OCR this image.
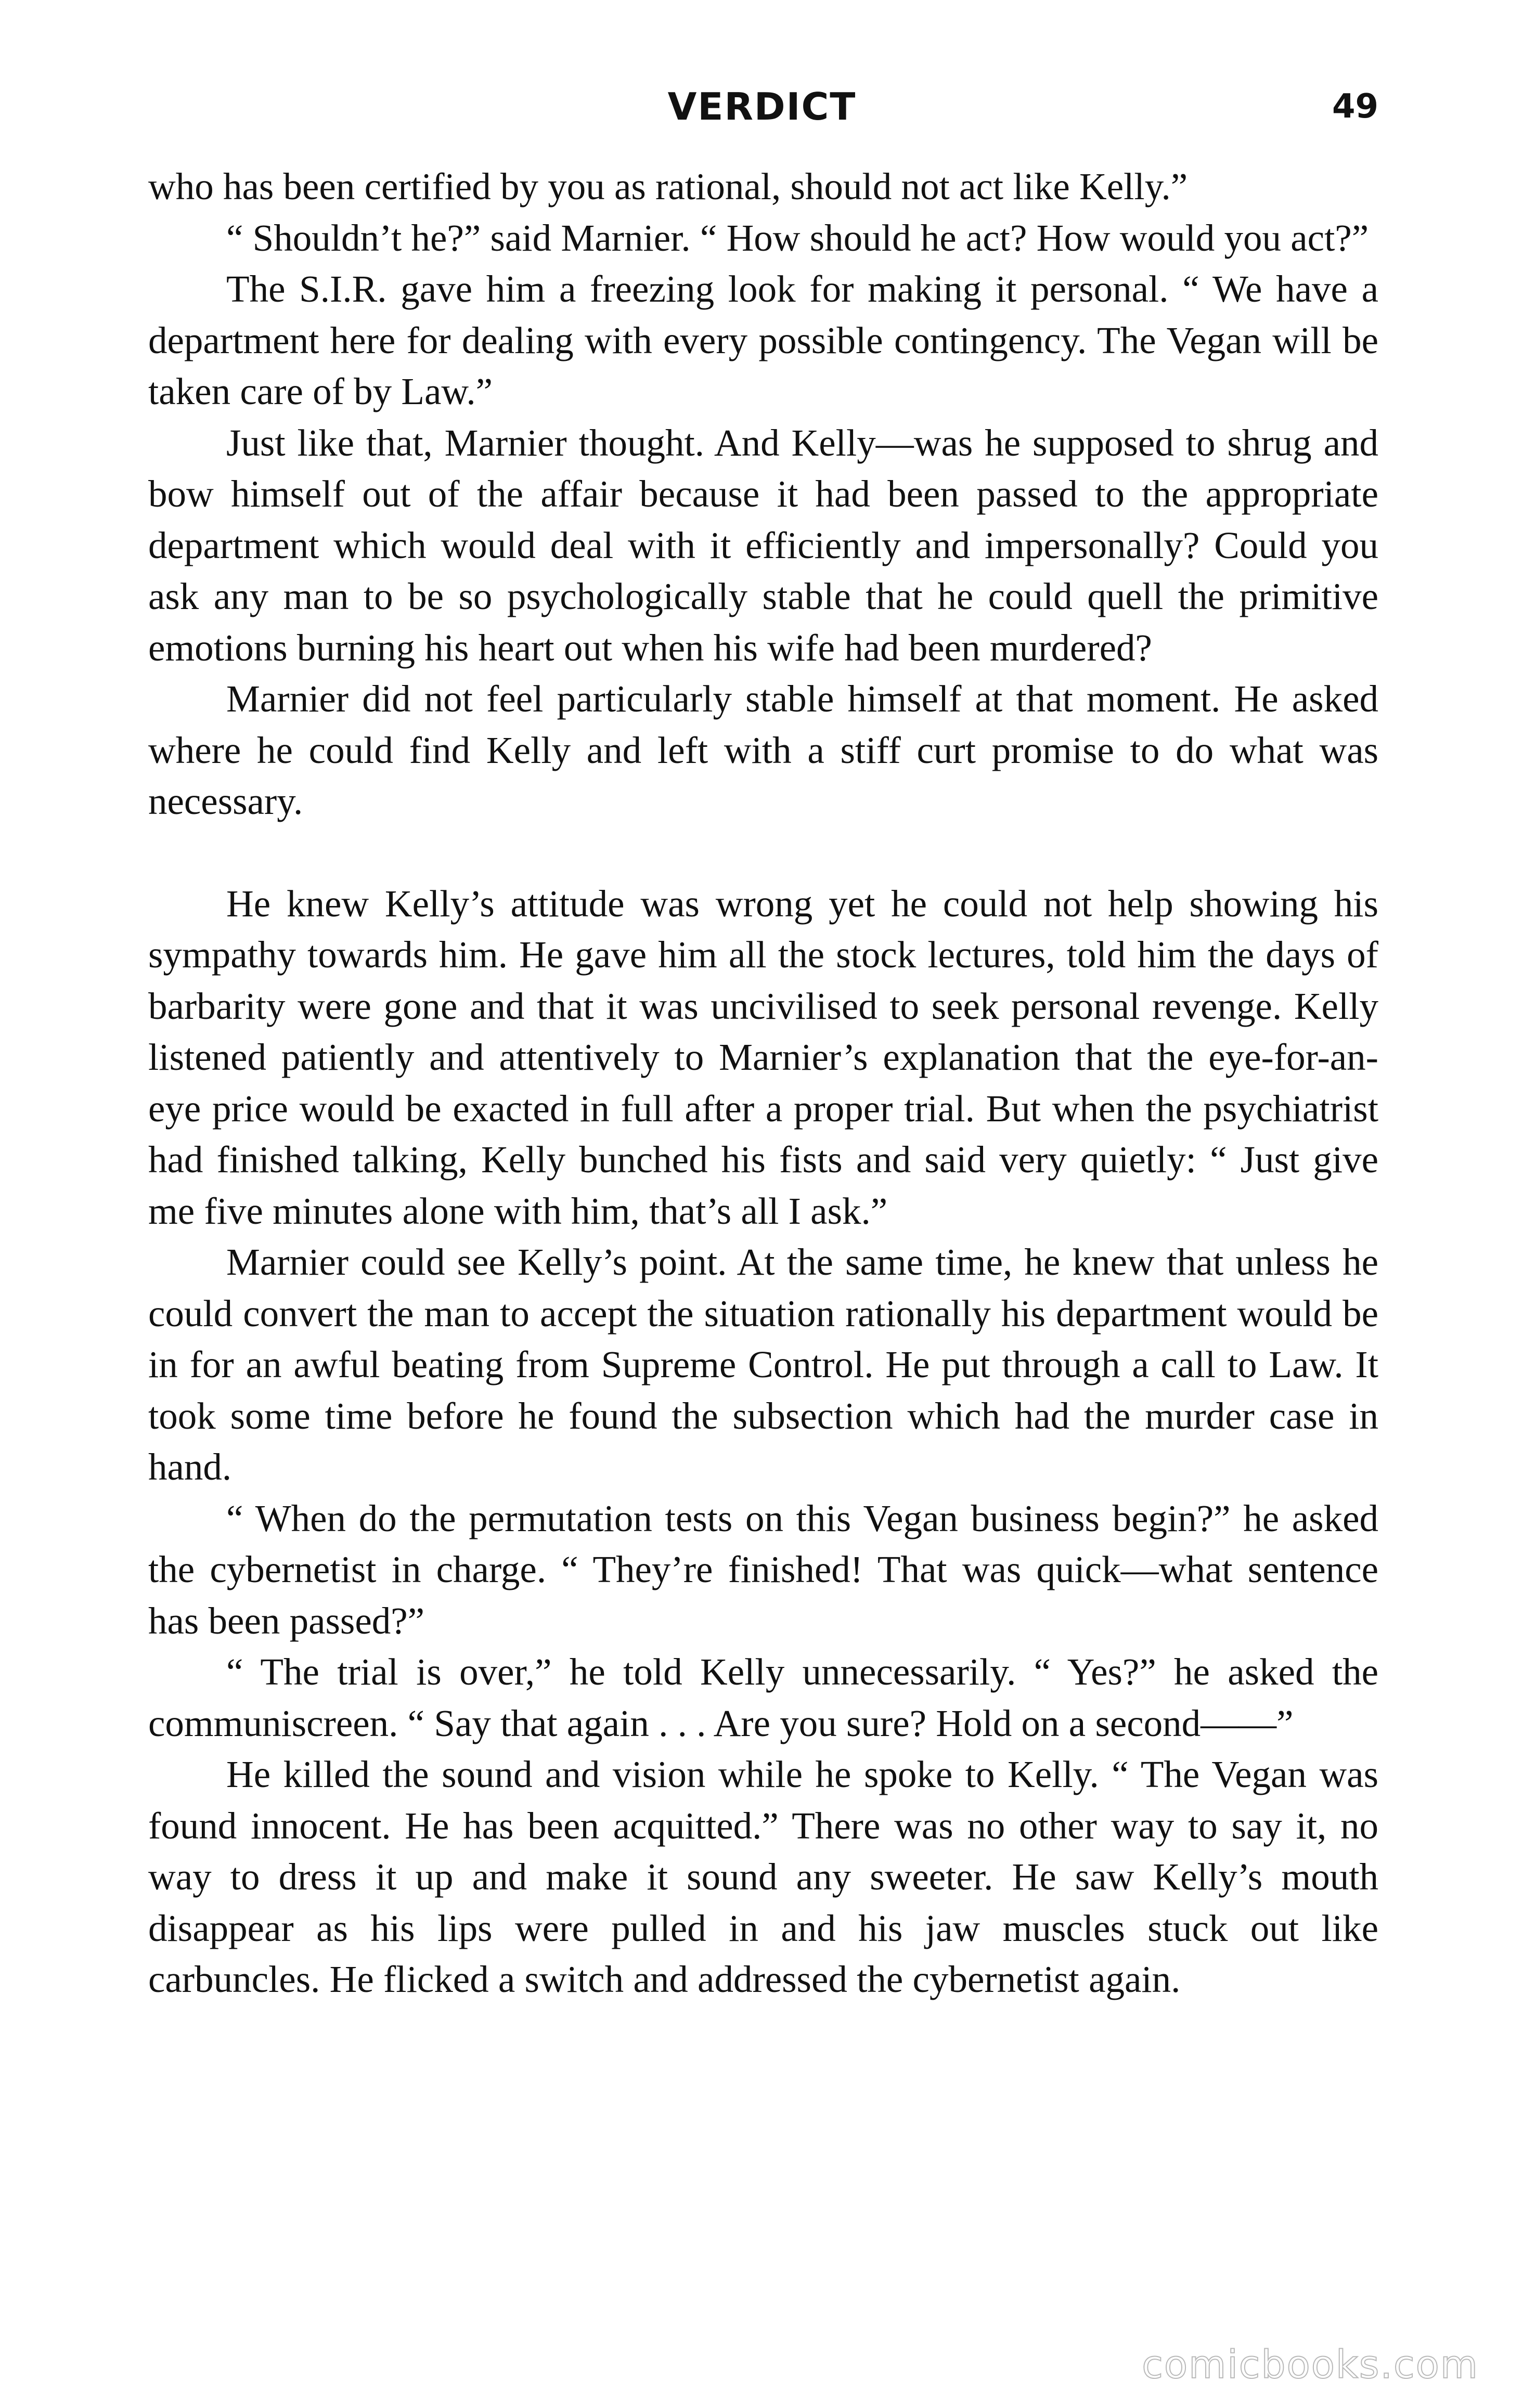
VERDICT	49

who has been certified by you as rational, should not act like Kelly.”

“ Shouldn’t he?” said Marnier. “ How should he act? How would you act?”

The S.I.R. gave him a freezing look for making it personal. “ We have a department here for dealing with every possible contingency. The Vegan will be taken care of by Law.”

Just like that, Marnier thought. And Kelly—was he supposed to shrug and bow himself out of the affair because it had been passed to the appropriate department which would deal with it efficiently and impersonally? Could you ask any man to be so psychologically stable that he could quell the primitive emotions burning his heart out when his wife had been murdered?

Marnier did not feel particularly stable himself at that moment. He asked where he could find Kelly and left with a stiff curt promise to do what was necessary.

He knew Kelly’s attitude was wrong yet he could not help showing his sympathy towards him. He gave him all the stock lectures, told him the days of barbarity were gone and that it was uncivilised to seek personal revenge. Kelly listened patiently and attentively to Marnier’s explanation that the eye-for-an-eye price would be exacted in full after a proper trial. But when the psychiatrist had finished talking, Kelly bunched his fists and said very quietly: “ Just give me five minutes alone with him, that’s all I ask.”

Marnier could see Kelly’s point. At the same time, he knew that unless he could convert the man to accept the situation rationally his department would be in for an awful beating from Supreme Control. He put through a call to Law. It took some time before he found the subsection which had the murder case in hand.

“ When do the permutation tests on this Vegan business begin?” he asked the cybernetist in charge. “ They’re finished! That was quick—what sentence has been passed?”

“ The trial is over,” he told Kelly unnecessarily. “ Yes?” he asked the communiscreen. “ Say that again . . . Are you sure? Hold on a second——”

He killed the sound and vision while he spoke to Kelly. “ The Vegan was found innocent. He has been acquitted.” There was no other way to say it, no way to dress it up and make it sound any sweeter. He saw Kelly’s mouth disappear as his lips were pulled in and his jaw muscles stuck out like carbuncles. He flicked a switch and addressed the cybernetist again.

comicbooks.com
